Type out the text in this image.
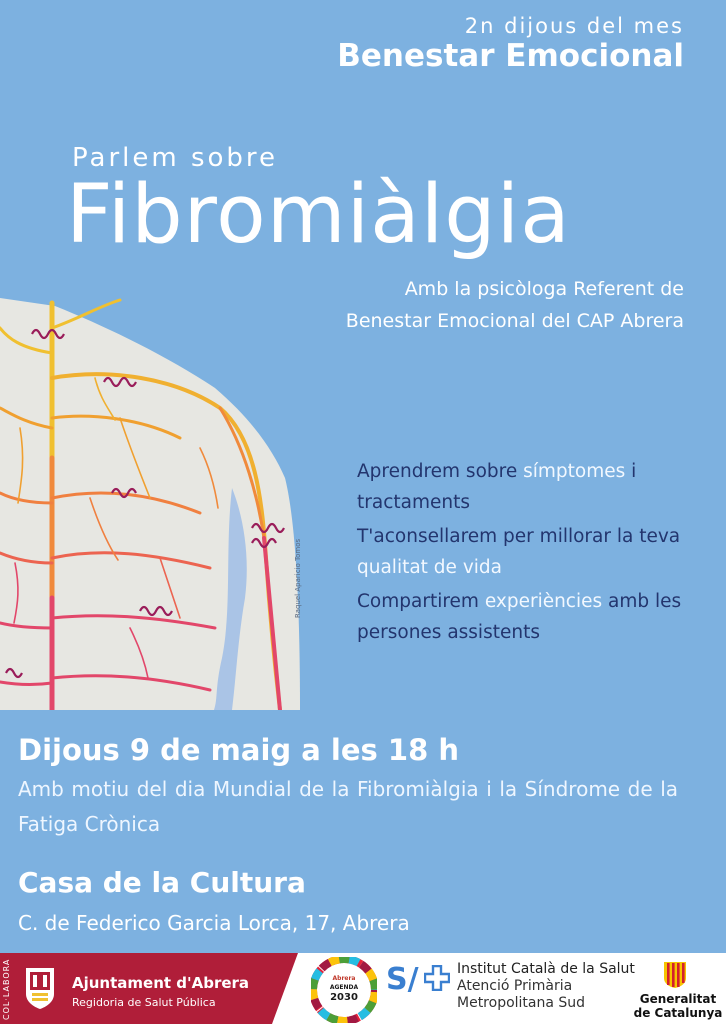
2n dijous del mes
Benestar Emocional
Parlem sobre
Fibromiàlgia
Amb la psicòloga Referent de
Benestar Emocional del CAP Abrera
Raquel Aparicio Tomos
Aprendrem sobre símptomes i tractaments
T'aconsellarem per millorar la teva qualitat de vida
Compartirem experiències amb les persones assistents
Dijous 9 de maig a les 18 h
Amb motiu del dia Mundial de la Fibromiàlgia i la Síndrome de la Fatiga Crònica
Casa de la Cultura
C. de Federico Garcia Lorca, 17, Abrera
COL·LABORA	Ajuntament d'Abrera
Regidoria de Salut Pública
Abrera
AGENDA
2030
S/	Institut Català de la Salut
Atenció Primària
Metropolitana Sud	Generalitat
de Catalunya
